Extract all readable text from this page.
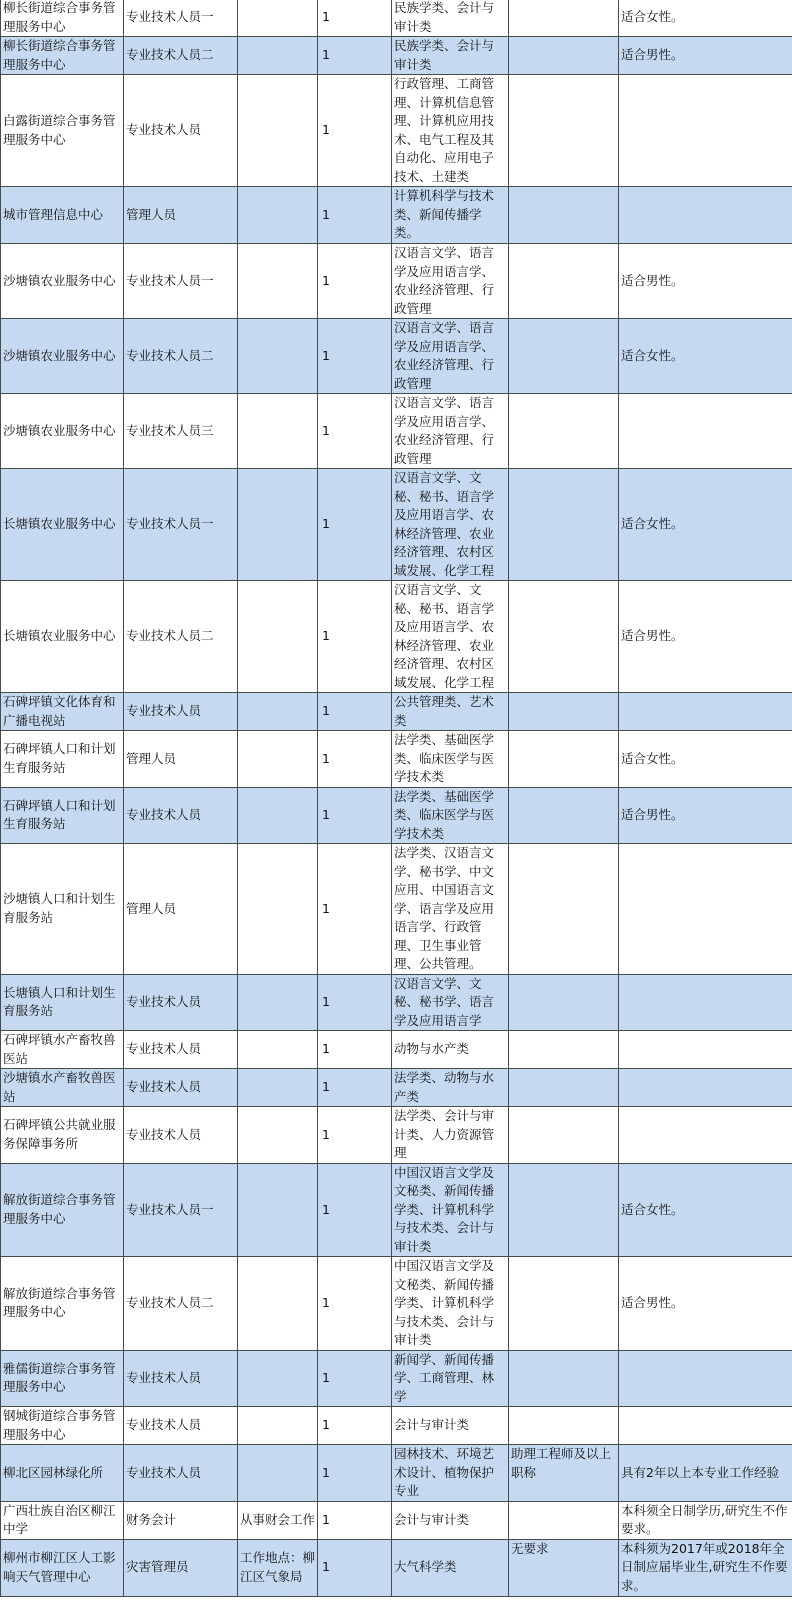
柳长街道综合事务管理服务中心	专业技术人员一		1	民族学类、会计与审计类		适合女性。
柳长街道综合事务管理服务中心	专业技术人员二		1	民族学类、会计与审计类		适合男性。
白露街道综合事务管理服务中心	专业技术人员		1	行政管理、工商管理、计算机信息管理、计算机应用技术、电气工程及其自动化、应用电子技术、土建类		
城市管理信息中心	管理人员		1	计算机科学与技术类、新闻传播学类。		
沙塘镇农业服务中心	专业技术人员一		1	汉语言文学、语言学及应用语言学、农业经济管理、行政管理		适合男性。
沙塘镇农业服务中心	专业技术人员二		1	汉语言文学、语言学及应用语言学、农业经济管理、行政管理		适合女性。
沙塘镇农业服务中心	专业技术人员三		1	汉语言文学、语言学及应用语言学、农业经济管理、行政管理		
长塘镇农业服务中心	专业技术人员一		1	汉语言文学、文秘、秘书、语言学及应用语言学、农林经济管理、农业经济管理、农村区域发展、化学工程		适合女性。
长塘镇农业服务中心	专业技术人员二		1	汉语言文学、文秘、秘书、语言学及应用语言学、农林经济管理、农业经济管理、农村区域发展、化学工程		适合男性。
石碑坪镇文化体育和广播电视站	专业技术人员		1	公共管理类、艺术类		
石碑坪镇人口和计划生育服务站	管理人员		1	法学类、基础医学类、临床医学与医学技术类		适合女性。
石碑坪镇人口和计划生育服务站	专业技术人员		1	法学类、基础医学类、临床医学与医学技术类		适合男性。
沙塘镇人口和计划生育服务站	管理人员		1	法学类、汉语言文学、秘书学、中文应用、中国语言文学、语言学及应用语言学、行政管理、卫生事业管理、公共管理。		
长塘镇人口和计划生育服务站	专业技术人员		1	汉语言文学、文秘、秘书学、语言学及应用语言学		
石碑坪镇水产畜牧兽医站	专业技术人员		1	动物与水产类		
沙塘镇水产畜牧兽医站	专业技术人员		1	法学类、动物与水产类		
石碑坪镇公共就业服务保障事务所	专业技术人员		1	法学类、会计与审计类、人力资源管理		
解放街道综合事务管理服务中心	专业技术人员一		1	中国汉语言文学及文秘类、新闻传播学类、计算机科学与技术类、会计与审计类		适合女性。
解放街道综合事务管理服务中心	专业技术人员二		1	中国汉语言文学及文秘类、新闻传播学类、计算机科学与技术类、会计与审计类		适合男性。
雅儒街道综合事务管理服务中心	专业技术人员		1	新闻学、新闻传播学、工商管理、林学		
钢城街道综合事务管理服务中心	专业技术人员		1	会计与审计类		
柳北区园林绿化所	专业技术人员		1	园林技术、环境艺术设计、植物保护专业	助理工程师及以上职称	具有2年以上本专业工作经验
广西壮族自治区柳江中学	财务会计	从事财会工作	1	会计与审计类		本科须全日制学历,研究生不作要求。
柳州市柳江区人工影响天气管理中心	灾害管理员	工作地点：柳江区气象局	1	大气科学类	无要求	本科须为2017年或2018年全日制应届毕业生,研究生不作要求。
